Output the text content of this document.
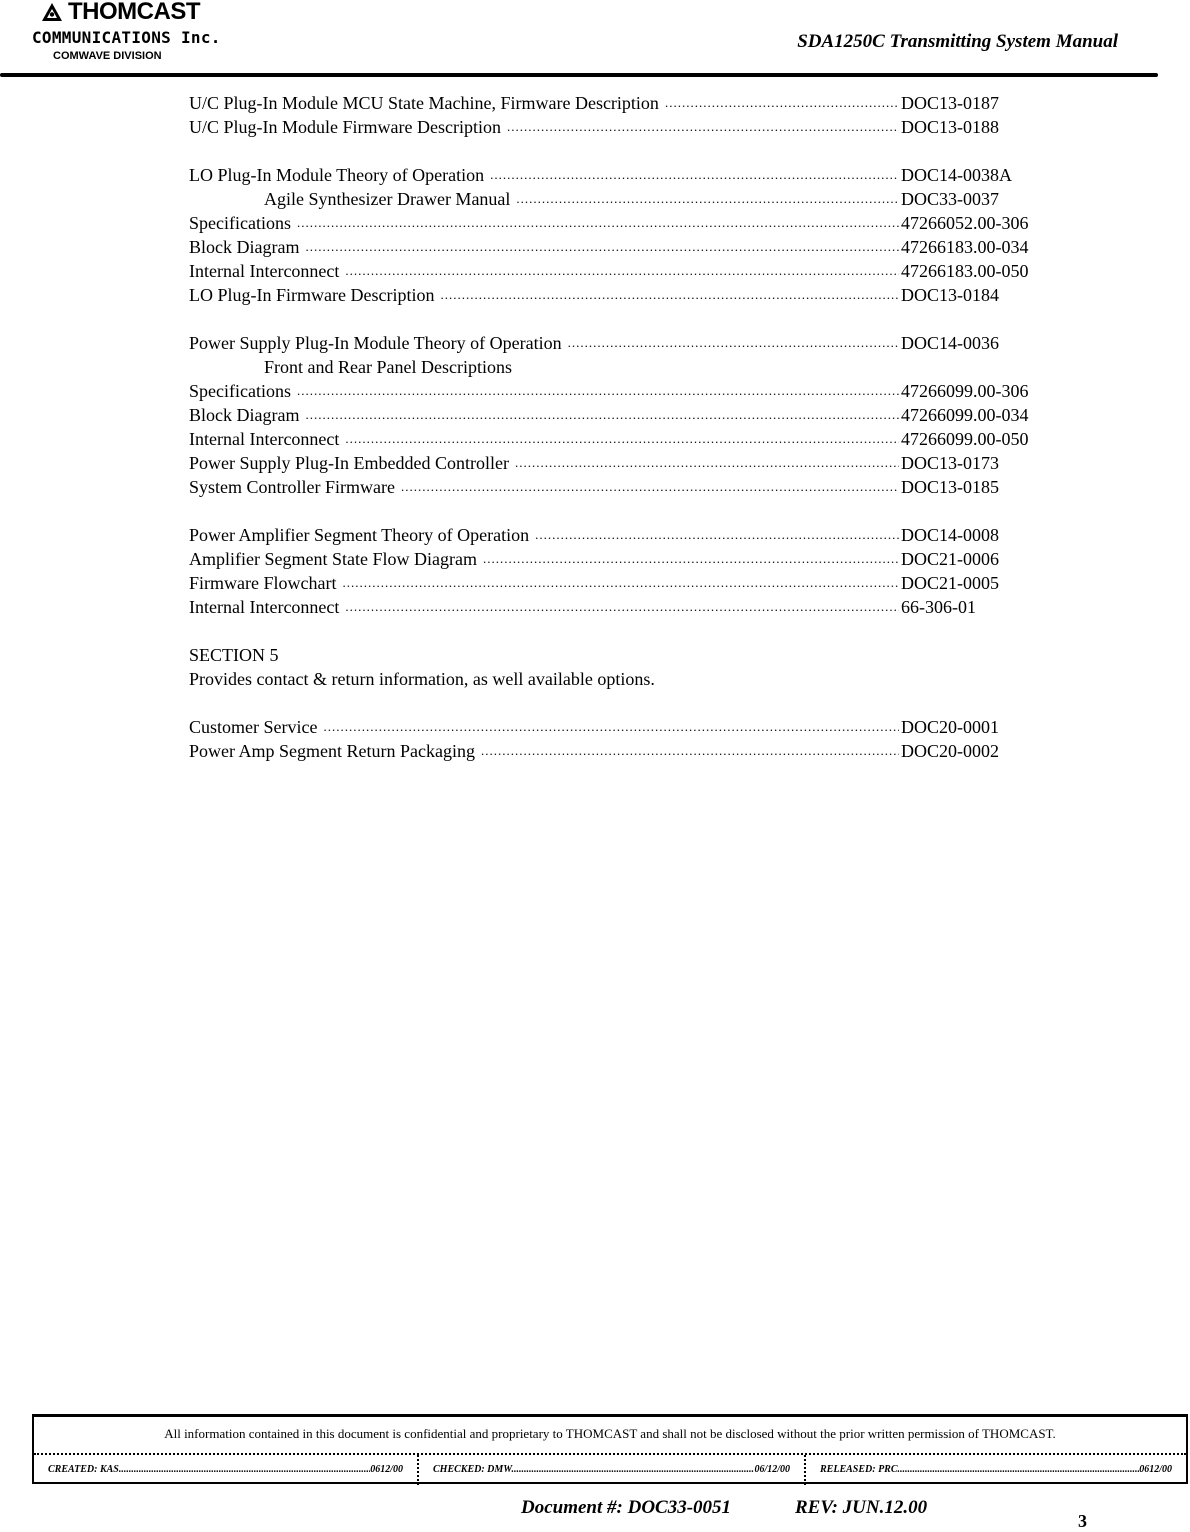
THOMCAST
COMMUNICATIONS Inc.
COMWAVE DIVISION
SDA1250C Transmitting System Manual
U/C Plug-In Module MCU State Machine, Firmware Description .....	DOC13-0187
U/C Plug-In Module Firmware Description .....	DOC13-0188
LO Plug-In Module Theory of Operation .....	DOC14-0038A
Agile Synthesizer Drawer Manual .....	DOC33-0037
Specifications .....	47266052.00-306
Block Diagram .....	47266183.00-034
Internal Interconnect .....	47266183.00-050
LO Plug-In Firmware Description .....	DOC13-0184
Power Supply Plug-In Module Theory of Operation .....	DOC14-0036
Front and Rear Panel Descriptions
Specifications .....	47266099.00-306
Block Diagram .....	47266099.00-034
Internal Interconnect .....	47266099.00-050
Power Supply Plug-In Embedded Controller .....	DOC13-0173
System Controller Firmware .....	DOC13-0185
Power Amplifier Segment Theory of Operation .....	DOC14-0008
Amplifier Segment State Flow Diagram .....	DOC21-0006
Firmware Flowchart .....	DOC21-0005
Internal Interconnect .....	66-306-01
SECTION 5
Provides contact & return information, as well available options.
Customer Service .....	DOC20-0001
Power Amp Segment Return Packaging .....	DOC20-0002
All information contained in this document is confidential and proprietary to THOMCAST and shall not be disclosed without the prior written permission of THOMCAST.
CREATED: KAS .....	0612/00	CHECKED: DMW .....	06/12/00	RELEASED: PRC .....	0612/00
Document #: DOC33-0051	REV: JUN.12.00
3
